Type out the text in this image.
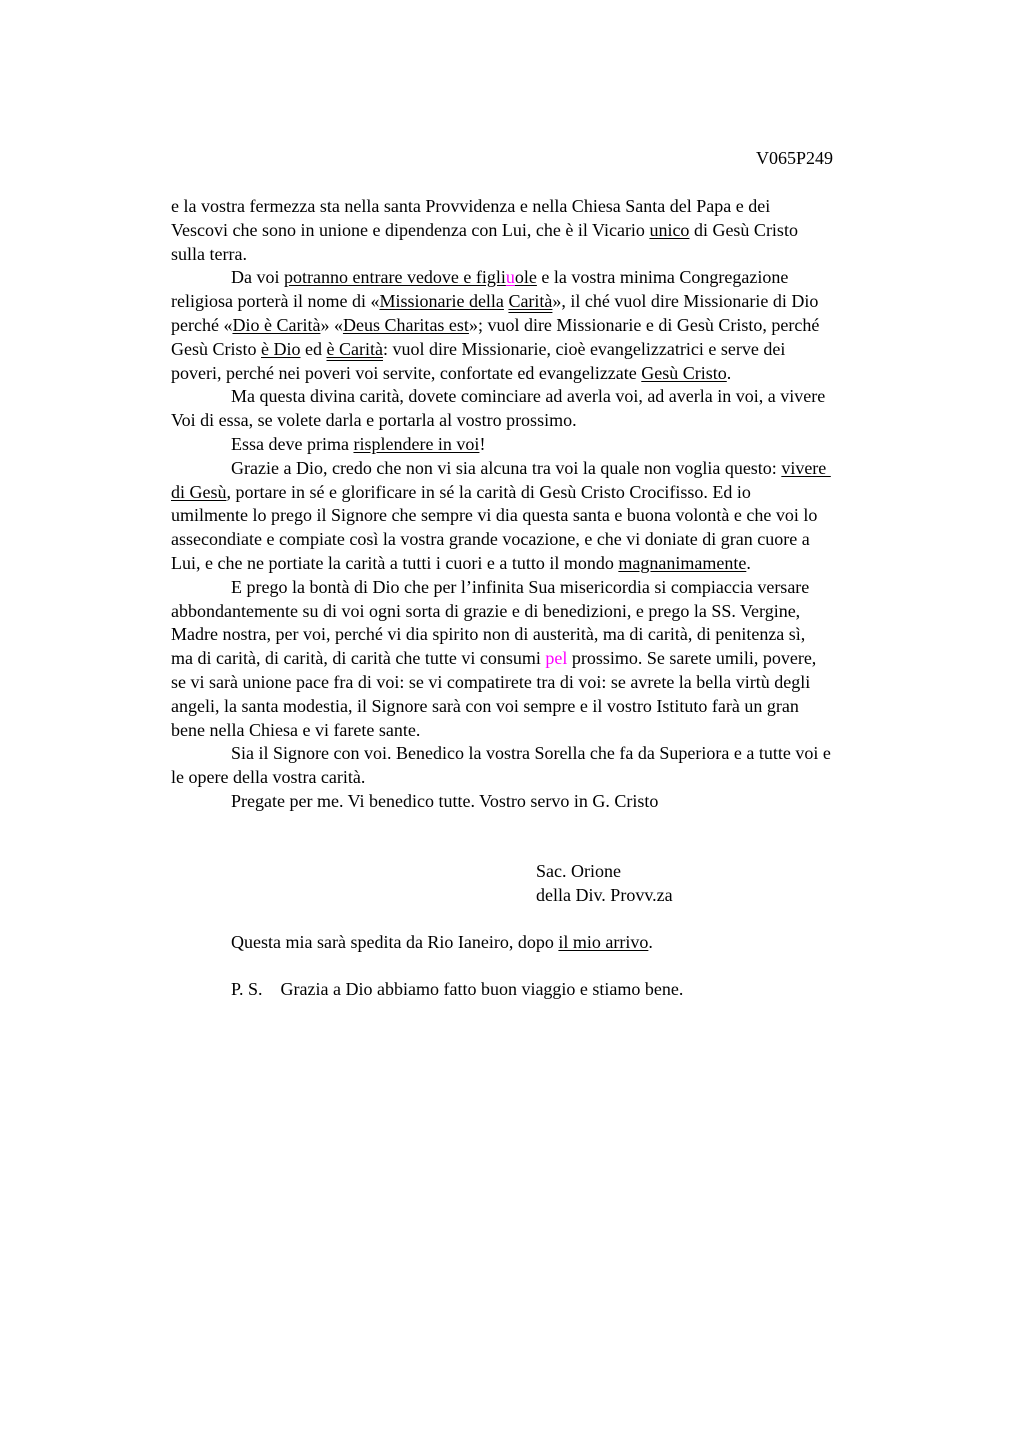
V065P249
e la vostra fermezza sta nella santa Provvidenza e nella Chiesa Santa del Papa e dei
Vescovi che sono in unione e dipendenza con Lui, che è il Vicario unico di Gesù Cristo
sulla terra.
Da voi potranno entrare vedove e figliuole e la vostra minima Congregazione
religiosa porterà il nome di «Missionarie della Carità», il ché vuol dire Missionarie di Dio
perché «Dio è Carità» «Deus Charitas est»; vuol dire Missionarie e di Gesù Cristo, perché
Gesù Cristo è Dio ed è Carità: vuol dire Missionarie, cioè evangelizzatrici e serve dei
poveri, perché nei poveri voi servite, confortate ed evangelizzate Gesù Cristo.
Ma questa divina carità, dovete cominciare ad averla voi, ad averla in voi, a vivere
Voi di essa, se volete darla e portarla al vostro prossimo.
Essa deve prima risplendere in voi!
Grazie a Dio, credo che non vi sia alcuna tra voi la quale non voglia questo: vivere
di Gesù, portare in sé e glorificare in sé la carità di Gesù Cristo Crocifisso. Ed io
umilmente lo prego il Signore che sempre vi dia questa santa e buona volontà e che voi lo
assecondiate e compiate così la vostra grande vocazione, e che vi doniate di gran cuore a
Lui, e che ne portiate la carità a tutti i cuori e a tutto il mondo magnanimamente.
E prego la bontà di Dio che per l’infinita Sua misericordia si compiaccia versare
abbondantemente su di voi ogni sorta di grazie e di benedizioni, e prego la SS. Vergine,
Madre nostra, per voi, perché vi dia spirito non di austerità, ma di carità, di penitenza sì,
ma di carità, di carità, di carità che tutte vi consumi pel prossimo. Se sarete umili, povere,
se vi sarà unione pace fra di voi: se vi compatirete tra di voi: se avrete la bella virtù degli
angeli, la santa modestia, il Signore sarà con voi sempre e il vostro Istituto farà un gran
bene nella Chiesa e vi farete sante.
Sia il Signore con voi. Benedico la vostra Sorella che fa da Superiora e a tutte voi e
le opere della vostra carità.
Pregate per me. Vi benedico tutte. Vostro servo in G. Cristo
Sac. Orione
della Div. Provv.za
Questa mia sarà spedita da Rio Ianeiro, dopo il mio arrivo.
P. S.    Grazia a Dio abbiamo fatto buon viaggio e stiamo bene.
